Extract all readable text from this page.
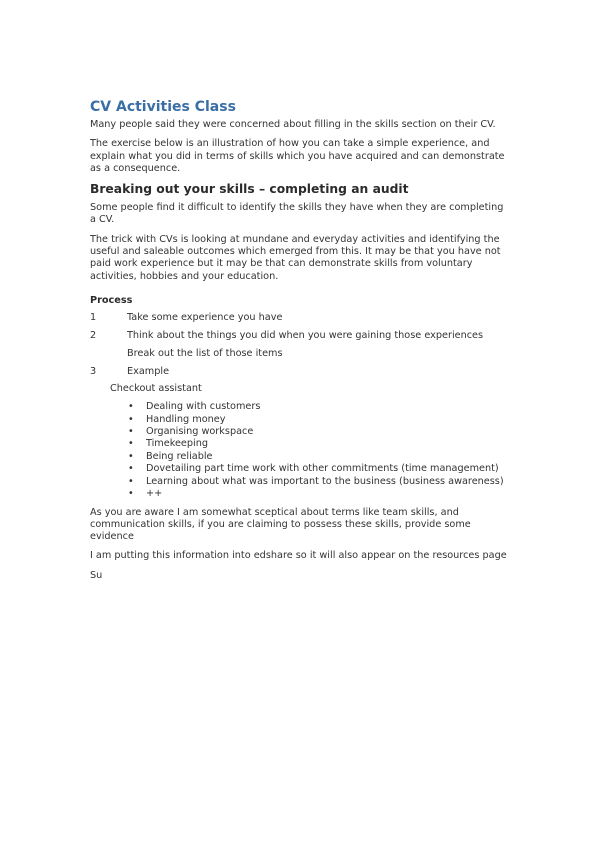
CV Activities Class

Many people said they were concerned about filling in the skills section on their CV.

The exercise below is an illustration of how you can take a simple experience, and explain what you did in terms of skills which you have acquired and can demonstrate as a consequence.

Breaking out your skills – completing an audit

Some people find it difficult to identify the skills they have when they are completing a CV.

The trick with CVs is looking at mundane and everyday activities and identifying the useful and saleable outcomes which emerged from this. It may be that you have not paid work experience but it may be that can demonstrate skills from voluntary activities, hobbies and your education.

Process
1	Take some experience you have
2	Think about the things you did when you were gaining those experiences
Break out the list of those items
3	Example
Checkout assistant
• Dealing with customers
• Handling money
• Organising workspace
• Timekeeping
• Being reliable
• Dovetailing part time work with other commitments (time management)
• Learning about what was important to the business (business awareness)
• ++

As you are aware I am somewhat sceptical about terms like team skills, and communication skills, if you are claiming to possess these skills, provide some evidence

I am putting this information into edshare so it will also appear on the resources page

Su
